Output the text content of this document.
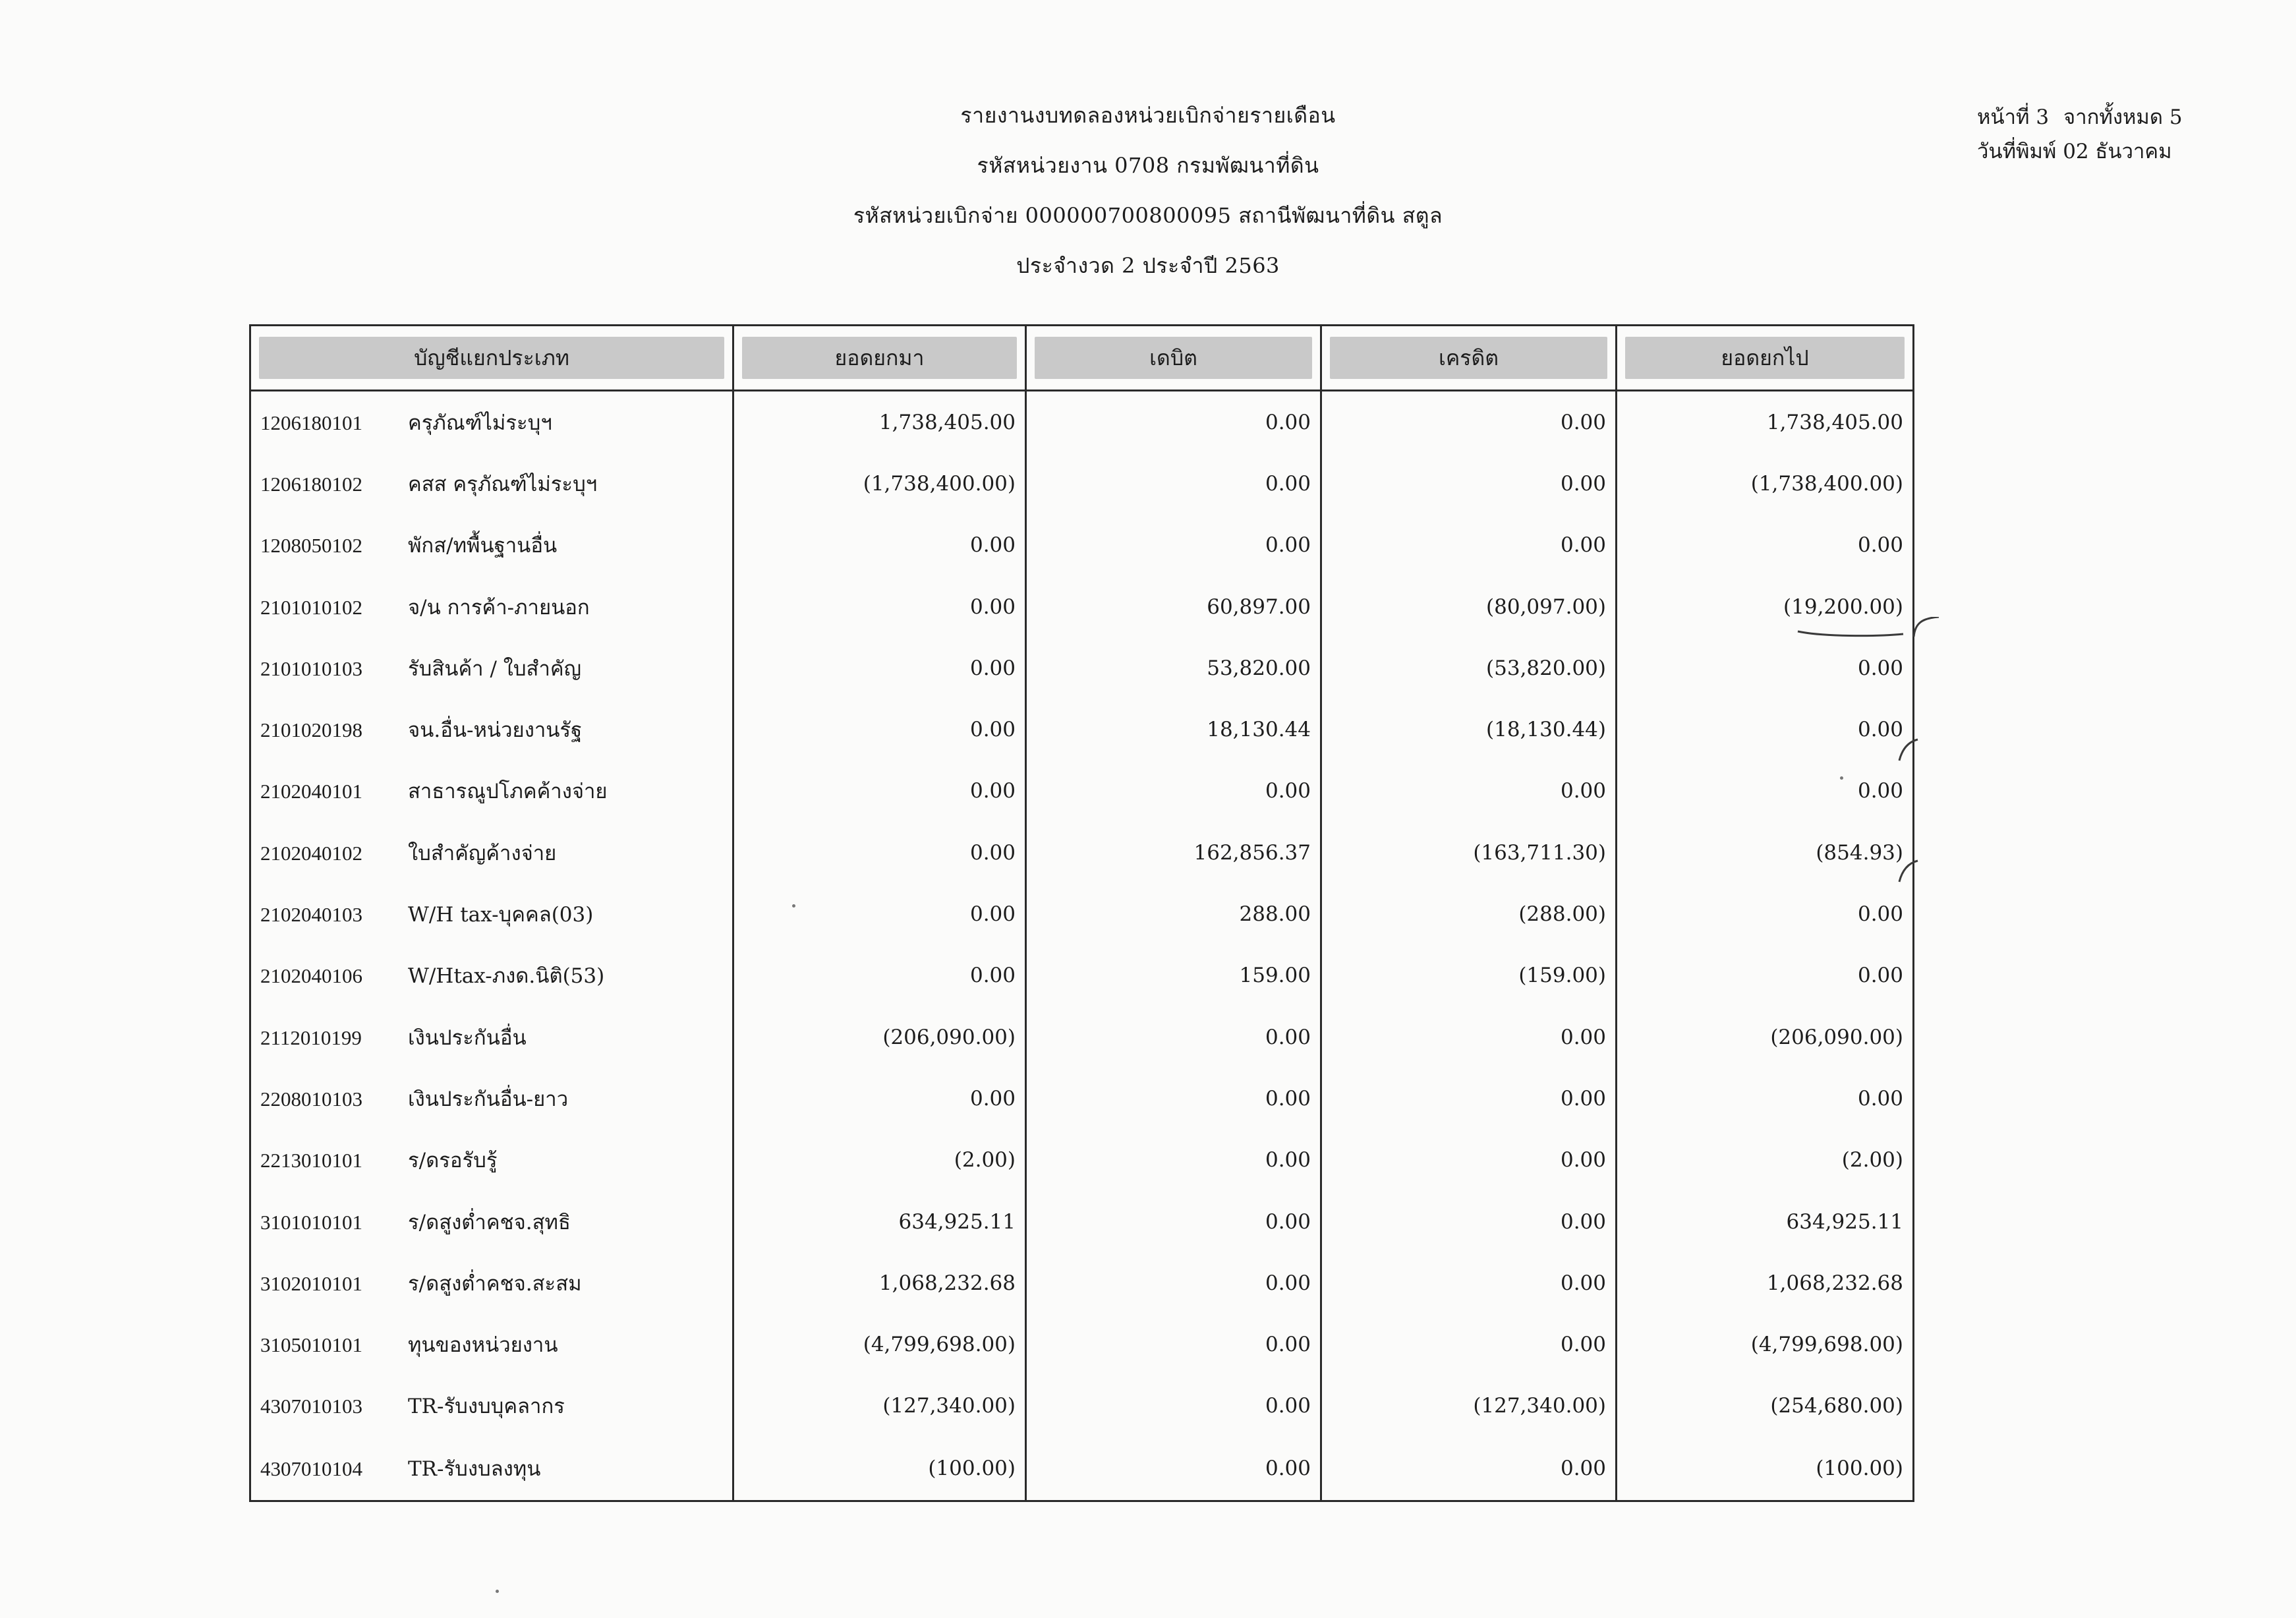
รายงานงบทดลองหน่วยเบิกจ่ายรายเดือน
รหัสหน่วยงาน 0708 กรมพัฒนาที่ดิน
รหัสหน่วยเบิกจ่าย 000000700800095 สถานีพัฒนาที่ดิน สตูล
ประจำงวด 2 ประจำปี 2563
หน้าที่ 3 จากทั้งหมด 5
วันที่พิมพ์ 02 ธันวาคม
บัญชีแยกประเภท	ยอดยกมา	เดบิต	เครดิต	ยอดยกไป

1206180101 ครุภัณฑ์ไม่ระบุฯ	1,738,405.00	0.00	0.00	1,738,405.00
1206180102 คสส ครุภัณฑ์ไม่ระบุฯ	(1,738,400.00)	0.00	0.00	(1,738,400.00)
1208050102 พักส/ทพื้นฐานอื่น	0.00	0.00	0.00	0.00
2101010102 จ/น การค้า-ภายนอก	0.00	60,897.00	(80,097.00)	(19,200.00)
2101010103 รับสินค้า / ใบสำคัญ	0.00	53,820.00	(53,820.00)	0.00
2101020198 จน.อื่น-หน่วยงานรัฐ	0.00	18,130.44	(18,130.44)	0.00
2102040101 สาธารณูปโภคค้างจ่าย	0.00	0.00	0.00	0.00
2102040102 ใบสำคัญค้างจ่าย	0.00	162,856.37	(163,711.30)	(854.93)
2102040103 W/H tax-บุคคล(03)	0.00	288.00	(288.00)	0.00
2102040106 W/Htax-ภงด.นิติ(53)	0.00	159.00	(159.00)	0.00
2112010199 เงินประกันอื่น	(206,090.00)	0.00	0.00	(206,090.00)
2208010103 เงินประกันอื่น-ยาว	0.00	0.00	0.00	0.00
2213010101 ร/ดรอรับรู้	(2.00)	0.00	0.00	(2.00)
3101010101 ร/ดสูงต่ำคชจ.สุทธิ	634,925.11	0.00	0.00	634,925.11
3102010101 ร/ดสูงต่ำคชจ.สะสม	1,068,232.68	0.00	0.00	1,068,232.68
3105010101 ทุนของหน่วยงาน	(4,799,698.00)	0.00	0.00	(4,799,698.00)
4307010103 TR-รับงบบุคลากร	(127,340.00)	0.00	(127,340.00)	(254,680.00)
4307010104 TR-รับงบลงทุน	(100.00)	0.00	0.00	(100.00)
